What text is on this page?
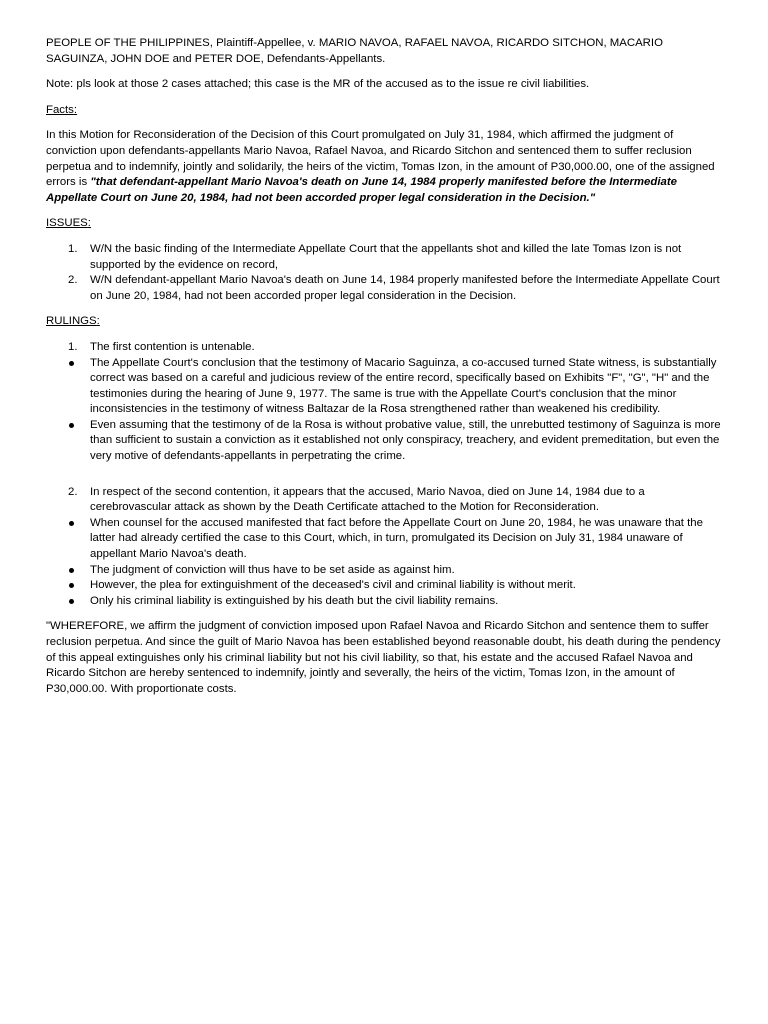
PEOPLE OF THE PHILIPPINES, Plaintiff-Appellee, v. MARIO NAVOA, RAFAEL NAVOA, RICARDO SITCHON, MACARIO SAGUINZA, JOHN DOE and PETER DOE, Defendants-Appellants.

Note: pls look at those 2 cases attached; this case is the MR of the accused as to the issue re civil liabilities.

Facts:

In this Motion for Reconsideration of the Decision of this Court promulgated on July 31, 1984, which affirmed the judgment of conviction upon defendants-appellants Mario Navoa, Rafael Navoa, and Ricardo Sitchon and sentenced them to suffer reclusion perpetua and to indemnify, jointly and solidarily, the heirs of the victim, Tomas Izon, in the amount of P30,000.00, one of the assigned errors is "that defendant-appellant Mario Navoa's death on June 14, 1984 properly manifested before the Intermediate Appellate Court on June 20, 1984, had not been accorded proper legal consideration in the Decision."

ISSUES:

1. W/N the basic finding of the Intermediate Appellate Court that the appellants shot and killed the late Tomas Izon is not supported by the evidence on record,
2. W/N defendant-appellant Mario Navoa's death on June 14, 1984 properly manifested before the Intermediate Appellate Court on June 20, 1984, had not been accorded proper legal consideration in the Decision.

RULINGS:

1. The first contention is untenable.
The Appellate Court's conclusion that the testimony of Macario Saguinza, a co-accused turned State witness, is substantially correct was based on a careful and judicious review of the entire record, specifically based on Exhibits "F", "G", "H" and the testimonies during the hearing of June 9, 1977. The same is true with the Appellate Court's conclusion that the minor inconsistencies in the testimony of witness Baltazar de la Rosa strengthened rather than weakened his credibility.
Even assuming that the testimony of de la Rosa is without probative value, still, the unrebutted testimony of Saguinza is more than sufficient to sustain a conviction as it established not only conspiracy, treachery, and evident premeditation, but even the very motive of defendants-appellants in perpetrating the crime.
2. In respect of the second contention, it appears that the accused, Mario Navoa, died on June 14, 1984 due to a cerebrovascular attack as shown by the Death Certificate attached to the Motion for Reconsideration.
When counsel for the accused manifested that fact before the Appellate Court on June 20, 1984, he was unaware that the latter had already certified the case to this Court, which, in turn, promulgated its Decision on July 31, 1984 unaware of appellant Mario Navoa's death.
The judgment of conviction will thus have to be set aside as against him.
However, the plea for extinguishment of the deceased's civil and criminal liability is without merit.
Only his criminal liability is extinguished by his death but the civil liability remains.

"WHEREFORE, we affirm the judgment of conviction imposed upon Rafael Navoa and Ricardo Sitchon and sentence them to suffer reclusion perpetua. And since the guilt of Mario Navoa has been established beyond reasonable doubt, his death during the pendency of this appeal extinguishes only his criminal liability but not his civil liability, so that, his estate and the accused Rafael Navoa and Ricardo Sitchon are hereby sentenced to indemnify, jointly and severally, the heirs of the victim, Tomas Izon, in the amount of P30,000.00. With proportionate costs.
